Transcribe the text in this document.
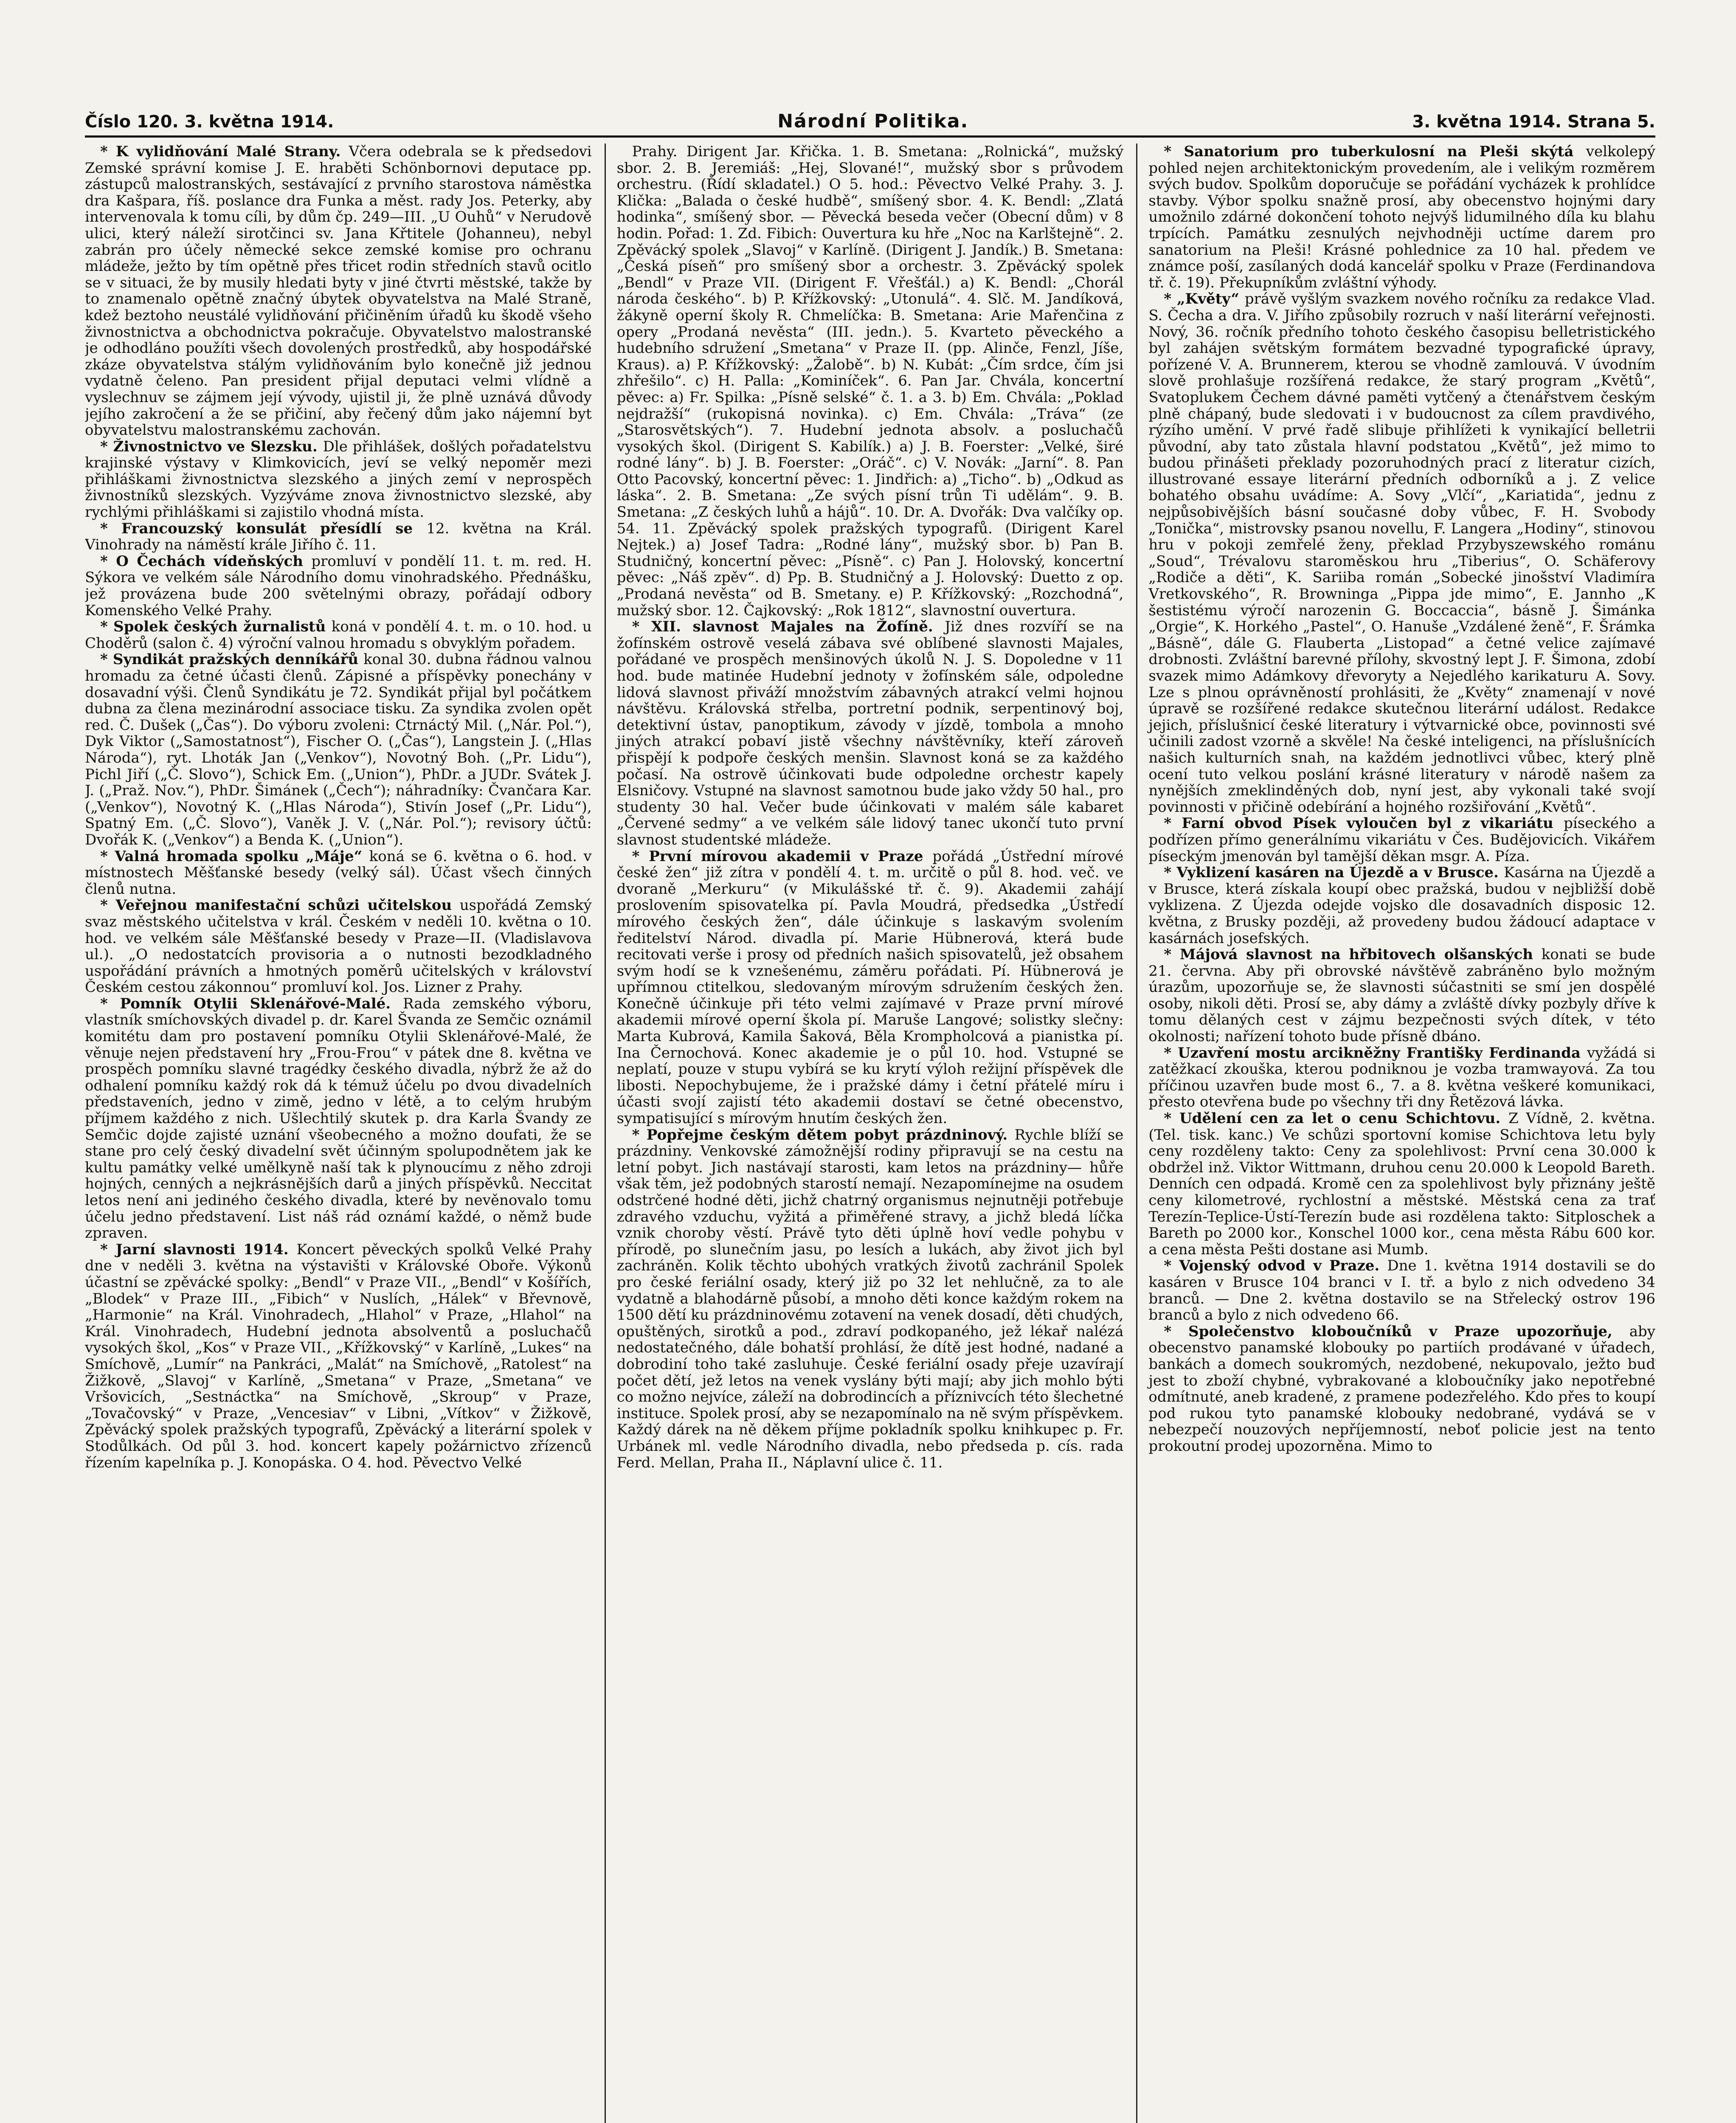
Číslo 120. 3. května 1914.	Národní Politika.	3. května 1914. Strana 5.

* K vylidňování Malé Strany. Včera odebrala se k předsedovi Zemské správní komise J. E. hraběti Schönbornovi deputace pp. zástupců malostranských, sestávající z prvního starostova náměstka dra Kašpara, říš. poslance dra Funka a měst. rady Jos. Peterky, aby intervenovala k tomu cíli, by dům čp. 249—III. „U Ouhů“ v Nerudově ulici, který náleží sirotčinci sv. Jana Křtitele (Johanneu), nebyl zabrán pro účely německé sekce zemské komise pro ochranu mládeže, ježto by tím opětně přes třicet rodin středních stavů ocitlo se v situaci, že by musily hledati byty v jiné čtvrti městské, takže by to znamenalo opětně značný úbytek obyvatelstva na Malé Straně, kdež beztoho neustálé vylidňování přičiněním úřadů ku škodě všeho živnostnictva a obchodnictva pokračuje. Obyvatelstvo malostranské je odhodláno použíti všech dovolených prostředků, aby hospodářské zkáze obyvatelstva stálým vylidňováním bylo konečně již jednou vydatně čeleno. Pan president přijal deputaci velmi vlídně a vyslechnuv se zájmem její vývody, ujistil ji, že plně uznává důvody jejího zakročení a že se přičiní, aby řečený dům jako nájemní byt obyvatelstvu malostranskému zachován.

* Živnostnictvo ve Slezsku. Dle přihlášek, došlých pořadatelstvu krajinské výstavy v Klimkovicích, jeví se velký nepoměr mezi přihláškami živnostnictva slezského a jiných zemí v neprospěch živnostníků slezských. Vyzýváme znova živnostnictvo slezské, aby rychlými přihláškami si zajistilo vhodná místa.

* Francouzský konsulát přesídlí se 12. května na Král. Vinohrady na náměstí krále Jiřího č. 11.

* O Čechách vídeňských promluví v pondělí 11. t. m. red. H. Sýkora ve velkém sále Národního domu vinohradského. Přednášku, jež provázena bude 200 světelnými obrazy, pořádají odbory Komenského Velké Prahy.

* Spolek českých žurnalistů koná v pondělí 4. t. m. o 10. hod. u Choděrů (salon č. 4) výroční valnou hromadu s obvyklým pořadem.

* Syndikát pražských denníkářů konal 30. dubna řádnou valnou hromadu za četné účasti členů. Zápisné a příspěvky ponechány v dosavadní výši. Členů Syndikátu je 72. Syndikát přijal byl počátkem dubna za člena mezinárodní associace tisku. Za syndika zvolen opět red. Č. Dušek („Čas“). Do výboru zvoleni: Ctrnáctý Mil. („Nár. Pol.“), Dyk Viktor („Samostatnost“), Fischer O. („Čas“), Langstein J. („Hlas Národa“), ryt. Lhoták Jan („Venkov“), Novotný Boh. („Pr. Lidu“), Pichl Jiří („Č. Slovo“), Schick Em. („Union“), PhDr. a JUDr. Svátek J. J. („Praž. Nov.“), PhDr. Šimánek („Čech“); náhradníky: Čvančara Kar. („Venkov“), Novotný K. („Hlas Národa“), Stivín Josef („Pr. Lidu“), Spatný Em. („Č. Slovo“), Vaněk J. V. („Nár. Pol.“); revisory účtů: Dvořák K. („Venkov“) a Benda K. („Union“).

* Valná hromada spolku „Máje“ koná se 6. května o 6. hod. v místnostech Měšťanské besedy (velký sál). Účast všech činných členů nutna.

* Veřejnou manifestační schůzi učitelskou uspořádá Zemský svaz městského učitelstva v král. Českém v neděli 10. května o 10. hod. ve velkém sále Měšťanské besedy v Praze—II. (Vladislavova ul.). „O nedostatcích provisoria a o nutnosti bezodkladného uspořádání právních a hmotných poměrů učitelských v království Českém cestou zákonnou“ promluví kol. Jos. Lizner z Prahy.

* Pomník Otylii Sklenářové-Malé. Rada zemského výboru, vlastník smíchovských divadel p. dr. Karel Švanda ze Semčic oznámil komitétu dam pro postavení pomníku Otylii Sklenářové-Malé, že věnuje nejen představení hry „Frou-Frou“ v pátek dne 8. května ve prospěch pomníku slavné tragédky českého divadla, nýbrž že až do odhalení pomníku každý rok dá k témuž účelu po dvou divadelních představeních, jedno v zimě, jedno v létě, a to celým hrubým příjmem každého z nich. Ušlechtilý skutek p. dra Karla Švandy ze Semčic dojde zajisté uznání všeobecného a možno doufati, že se stane pro celý český divadelní svět účinným spolupodnětem jak ke kultu památky velké umělkyně naší tak k plynoucímu z něho zdroji hojných, cenných a nejkrásnějších darů a jiných příspěvků. Neccitat letos není ani jediného českého divadla, které by nevěnovalo tomu účelu jedno představení. List náš rád oznámí každé, o němž bude zpraven.

* Jarní slavnosti 1914. Koncert pěveckých spolků Velké Prahy dne v neděli 3. května na výstavišti v Královské Oboře. Výkonů účastní se zpěvácké spolky: „Bendl“ v Praze VII., „Bendl“ v Košířích, „Blodek“ v Praze III., „Fibich“ v Nuslích, „Hálek“ v Břevnově, „Harmonie“ na Král. Vinohradech, „Hlahol“ v Praze, „Hlahol“ na Král. Vinohradech, Hudební jednota absolventů a posluchačů vysokých škol, „Kos“ v Praze VII., „Křížkovský“ v Karlíně, „Lukes“ na Smíchově, „Lumír“ na Pankráci, „Malát“ na Smíchově, „Ratolest“ na Žižkově, „Slavoj“ v Karlíně, „Smetana“ v Praze, „Smetana“ ve Vršovicích, „Sestnáctka“ na Smíchově, „Skroup“ v Praze, „Tovačovský“ v Praze, „Vencesiav“ v Libni, „Vítkov“ v Žižkově, Zpěvácký spolek pražských typografů, Zpěvácký a literární spolek v Stodůlkách. Od půl 3. hod. koncert kapely požárnictvo zřízenců řízením kapelníka p. J. Konopáska. O 4. hod. Pěvectvo Velké

Prahy. Dirigent Jar. Křička. 1. B. Smetana: „Rolnická“, mužský sbor. 2. B. Jeremiáš: „Hej, Slované!“, mužský sbor s průvodem orchestru. (Řídí skladatel.) O 5. hod.: Pěvectvo Velké Prahy. 3. J. Klička: „Balada o české hudbě“, smíšený sbor. 4. K. Bendl: „Zlatá hodinka“, smíšený sbor. — Pěvecká beseda večer (Obecní dům) v 8 hodin. Pořad: 1. Zd. Fibich: Ouvertura ku hře „Noc na Karlštejně“. 2. Zpěvácký spolek „Slavoj“ v Karlíně. (Dirigent J. Jandík.) B. Smetana: „Česká píseň“ pro smíšený sbor a orchestr. 3. Zpěvácký spolek „Bendl“ v Praze VII. (Dirigent F. Vřešťál.) a) K. Bendl: „Chorál národa českého“. b) P. Křížkovský: „Utonulá“. 4. Slč. M. Jandíková, žákyně operní školy R. Chmelíčka: B. Smetana: Arie Mařenčina z opery „Prodaná nevěsta“ (III. jedn.). 5. Kvarteto pěveckého a hudebního sdružení „Smetana“ v Praze II. (pp. Alinče, Fenzl, Jíše, Kraus). a) P. Křížkovský: „Žalobě“. b) N. Kubát: „Čím srdce, čím jsi zhřešilo“. c) H. Palla: „Kominíček“. 6. Pan Jar. Chvála, koncertní pěvec: a) Fr. Spilka: „Písně selské“ č. 1. a 3. b) Em. Chvála: „Poklad nejdražší“ (rukopisná novinka). c) Em. Chvála: „Tráva“ (ze „Starosvětských“). 7. Hudební jednota absolv. a posluchačů vysokých škol. (Dirigent S. Kabilík.) a) J. B. Foerster: „Velké, širé rodné lány“. b) J. B. Foerster: „Oráč“. c) V. Novák: „Jarní“. 8. Pan Otto Pacovský, koncertní pěvec: 1. Jindřich: a) „Ticho“. b) „Odkud as láska“. 2. B. Smetana: „Ze svých písní trůn Ti udělám“. 9. B. Smetana: „Z českých luhů a hájů“. 10. Dr. A. Dvořák: Dva valčíky op. 54. 11. Zpěvácký spolek pražských typografů. (Dirigent Karel Nejtek.) a) Josef Tadra: „Rodné lány“, mužský sbor. b) Pan B. Studničný, koncertní pěvec: „Písně“. c) Pan J. Holovský, koncertní pěvec: „Náš zpěv“. d) Pp. B. Studničný a J. Holovský: Duetto z op. „Prodaná nevěsta“ od B. Smetany. e) P. Křížkovský: „Rozchodná“, mužský sbor. 12. Čajkovský: „Rok 1812“, slavnostní ouvertura.

* XII. slavnost Majales na Žofíně. Již dnes rozvíří se na žofínském ostrově veselá zábava své oblíbené slavnosti Majales, pořádané ve prospěch menšinových úkolů N. J. S. Dopoledne v 11 hod. bude matinée Hudební jednoty v žofínském sále, odpoledne lidová slavnost přiváží množstvím zábavných atrakcí velmi hojnou návštěvu. Královská střelba, portretní podnik, serpentinový boj, detektivní ústav, panoptikum, závody v jízdě, tombola a mnoho jiných atrakcí pobaví jistě všechny návštěvníky, kteří zároveň přispějí k podpoře českých menšin. Slavnost koná se za každého počasí. Na ostrově účinkovati bude odpoledne orchestr kapely Elsničovy. Vstupné na slavnost samotnou bude jako vždy 50 hal., pro studenty 30 hal. Večer bude účinkovati v malém sále kabaret „Červené sedmy“ a ve velkém sále lidový tanec ukončí tuto první slavnost studentské mládeže.

* První mírovou akademii v Praze pořádá „Ústřední mírové české žen“ již zítra v pondělí 4. t. m. určitě o půl 8. hod. več. ve dvoraně „Merkuru“ (v Mikulášské tř. č. 9). Akademii zahájí proslovením spisovatelka pí. Pavla Moudrá, předsedka „Ústředí mírového českých žen“, dále účinkuje s laskavým svolením ředitelství Národ. divadla pí. Marie Hübnerová, která bude recitovati verše i prosy od předních našich spisovatelů, jež obsahem svým hodí se k vznešenému, záměru pořádati. Pí. Hübnerová je upřímnou ctitelkou, sledovaným mírovým sdružením českých žen. Konečně účinkuje při této velmi zajímavé v Praze první mírové akademii mírové operní škola pí. Maruše Langové; solistky slečny: Marta Kubrová, Kamila Šaková, Běla Krompholcová a pianistka pí. Ina Černochová. Konec akademie je o půl 10. hod. Vstupné se neplatí, pouze v stupu vybírá se ku krytí výloh režijní příspěvek dle libosti. Nepochybujeme, že i pražské dámy i četní přátelé míru i účasti svojí zajistí této akademii dostaví se četné obecenstvo, sympatisující s mírovým hnutím českých žen.

* Popřejme českým dětem pobyt prázdninový. Rychle blíží se prázdniny. Venkovské zámožnější rodiny připravují se na cestu na letní pobyt. Jich nastávají starosti, kam letos na prázdniny— hůře však těm, jež podobných starostí nemají. Nezapomínejme na osudem odstrčené hodné děti, jichž chatrný organismus nejnutněji potřebuje zdravého vzduchu, vyžitá a přiměřené stravy, a jichž bledá líčka vznik choroby věstí. Právě tyto děti úplně hoví vedle pohybu v přírodě, po slunečním jasu, po lesích a lukách, aby život jich byl zachráněn. Kolik těchto ubohých vratkých životů zachránil Spolek pro české feriální osady, který již po 32 let nehlučně, za to ale vydatně a blahodárně působí, a mnoho děti konce každým rokem na 1500 dětí ku prázdninovému zotavení na venek dosadí, děti chudých, opuštěných, sirotků a pod., zdraví podkopaného, jež lékař nalézá nedostatečného, dále bohatší prohlásí, že dítě jest hodné, nadané a dobrodiní toho také zasluhuje. České feriální osady přeje uzavírají počet dětí, jež letos na venek vyslány býti mají; aby jich mohlo býti co možno nejvíce, záleží na dobrodincích a příznivcích této šlechetné instituce. Spolek prosí, aby se nezapomínalo na ně svým příspěvkem. Každý dárek na ně děkem příjme pokladník spolku knihkupec p. Fr. Urbánek ml. vedle Národního divadla, nebo předseda p. cís. rada Ferd. Mellan, Praha II., Náplavní ulice č. 11.

* Sanatorium pro tuberkulosní na Pleši skýtá velkolepý pohled nejen architektonickým provedením, ale i velikým rozměrem svých budov. Spolkům doporučuje se pořádání vycházek k prohlídce stavby. Výbor spolku snažně prosí, aby obecenstvo hojnými dary umožnilo zdárné dokončení tohoto nejvýš lidumilného díla ku blahu trpících. Památku zesnulých nejvhodněji uctíme darem pro sanatorium na Pleši! Krásné pohlednice za 10 hal. předem ve známce poší, zasílaných dodá kancelář spolku v Praze (Ferdinandova tř. č. 19). Překupníkům zvláštní výhody.

* „Květy“ právě vyšlým svazkem nového ročníku za redakce Vlad. S. Čecha a dra. V. Jiřího způsobily rozruch v naší literární veřejnosti. Nový, 36. ročník předního tohoto českého časopisu belletristického byl zahájen světským formátem bezvadné typografické úpravy, pořízené V. A. Brunnerem, kterou se vhodně zamlouvá. V úvodním slově prohlašuje rozšířená redakce, že starý program „Květů“, Svatoplukem Čechem dávné paměti vytčený a čtenářstvem českým plně chápaný, bude sledovati i v budoucnost za cílem pravdivého, rýzího umění. V prvé řadě slibuje přihlížeti k vynikající belletrii původní, aby tato zůstala hlavní podstatou „Květů“, jež mimo to budou přinášeti překlady pozoruhodných prací z literatur cizích, illustrované essaye literární předních odborníků a j. Z velice bohatého obsahu uvádíme: A. Sovy „Vlčí“, „Kariatida“, jednu z nejpůsobivějších básní současné doby vůbec, F. H. Svobody „Tonička“, mistrovsky psanou novellu, F. Langera „Hodiny“, stinovou hru v pokoji zemřelé ženy, překlad Przybyszewského románu „Soud“, Trévalovu staroměskou hru „Tiberius“, O. Schäferovy „Rodiče a děti“, K. Sariiba román „Sobecké jinošství Vladimíra Vretkovského“, R. Browninga „Pippa jde mimo“, E. Jannho „K šestistému výročí narozenin G. Boccaccia“, básně J. Šimánka „Orgie“, K. Horkého „Pastel“, O. Hanuše „Vzdálené ženě“, F. Šrámka „Básně“, dále G. Flauberta „Listopad“ a četné velice zajímavé drobnosti. Zvláštní barevné přílohy, skvostný lept J. F. Šimona, zdobí svazek mimo Adámkovy dřevoryty a Nejedlého karikaturu A. Sovy. Lze s plnou oprávněností prohlásiti, že „Květy“ znamenají v nové úpravě se rozšířené redakce skutečnou literární událost. Redakce jejich, příslušnicí české literatury i výtvarnické obce, povinnosti své učinili zadost vzorně a skvěle! Na české inteligenci, na příslušnících našich kulturních snah, na každém jednotlivci vůbec, který plně ocení tuto velkou poslání krásné literatury v národě našem za nynějších zmeklinděných dob, nyní jest, aby vykonali také svojí povinnosti v přičině odebírání a hojného rozšiřování „Květů“.

* Farní obvod Písek vyloučen byl z vikariátu píseckého a podřízen přímo generálnímu vikariátu v Čes. Budějovicích. Vikářem píseckým jmenován byl tamější děkan msgr. A. Píza.

* Vyklizení kasáren na Újezdě a v Brusce. Kasárna na Újezdě a v Brusce, která získala koupí obec pražská, budou v nejbližší době vyklizena. Z Újezda odejde vojsko dle dosavadních disposic 12. května, z Brusky později, až provedeny budou žádoucí adaptace v kasárnách josefských.

* Májová slavnost na hřbitovech olšanských konati se bude 21. června. Aby při obrovské návštěvě zabráněno bylo možným úrazům, upozorňuje se, že slavnosti súčastniti se smí jen dospělé osoby, nikoli děti. Prosí se, aby dámy a zvláště dívky pozbyly dříve k tomu dělaných cest v zájmu bezpečnosti svých dítek, v této okolnosti; nařízení tohoto bude přísně dbáno.

* Uzavření mostu arcikněžny Františky Ferdinanda vyžádá si zatěžkací zkouška, kterou podniknou je vozba tramwayová. Za tou příčinou uzavřen bude most 6., 7. a 8. května veškeré komunikaci, přesto otevřena bude po všechny tři dny Řetězová lávka.

* Udělení cen za let o cenu Schichtovu. Z Vídně, 2. května. (Tel. tisk. kanc.) Ve schůzi sportovní komise Schichtova letu byly ceny rozděleny takto: Ceny za spolehlivost: První cena 30.000 k obdržel inž. Viktor Wittmann, druhou cenu 20.000 k Leopold Bareth. Denních cen odpadá. Kromě cen za spolehlivost byly přiznány ještě ceny kilometrové, rychlostní a městské. Městská cena za trať Terezín-Teplice-Ústí-Terezín bude asi rozdělena takto: Sitploschek a Bareth po 2000 kor., Konschel 1000 kor., cena města Rábu 600 kor. a cena města Pešti dostane asi Mumb.

* Vojenský odvod v Praze. Dne 1. května 1914 dostavili se do kasáren v Brusce 104 branci v I. tř. a bylo z nich odvedeno 34 branců. — Dne 2. května dostavilo se na Střelecký ostrov 196 branců a bylo z nich odvedeno 66.

* Společenstvo kloboučníků v Praze upozorňuje, aby obecenstvo panamské klobouky po partiích prodávané v úřadech, bankách a domech soukromých, nezdobené, nekupovalo, ježto buď jest to zboží chybné, vybrakované a kloboučníky jako nepotřebné odmítnuté, aneb kradené, z pramene podezřelého. Kdo přes to koupí pod rukou tyto panamské klobouky nedobrané, vydává se v nebezpečí nouzových nepříjemností, neboť policie jest na tento prokoutní prodej upozorněna. Mimo to
